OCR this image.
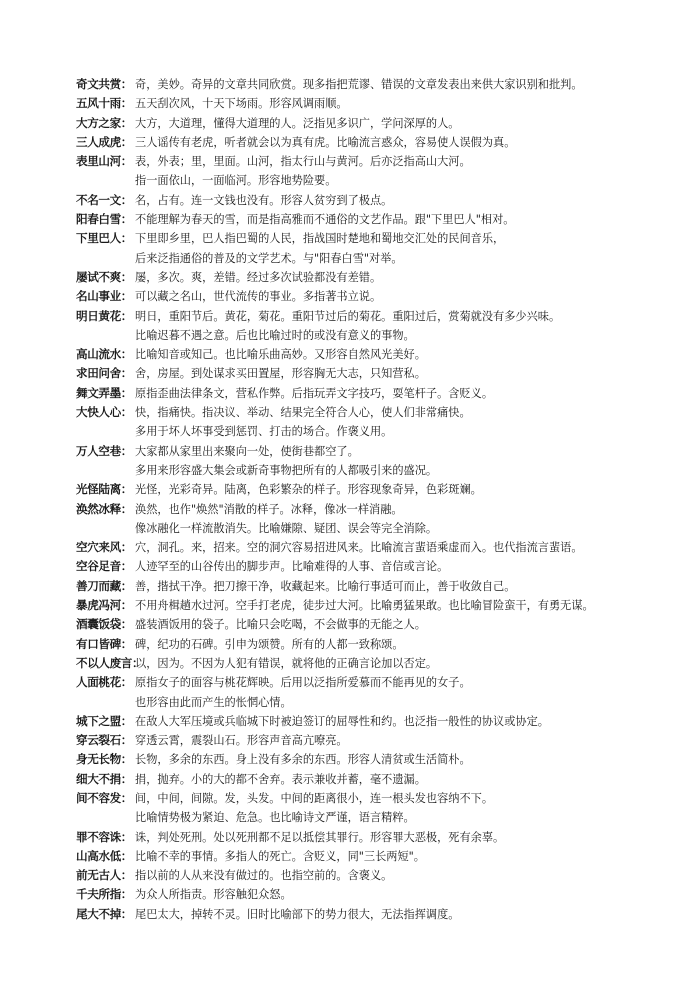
奇文共赏： 奇，美妙。奇异的文章共同欣赏。现多指把荒谬、错误的文章发表出来供大家识别和批判。
五风十雨： 五天刮次风，十天下场雨。形容风调雨顺。
大方之家： 大方，大道理，懂得大道理的人。泛指见多识广，学问深厚的人。
三人成虎： 三人谣传有老虎，听者就会以为真有虎。比喻流言惑众，容易使人误假为真。
表里山河： 表，外表；里，里面。山河，指太行山与黄河。后亦泛指高山大河。
指一面依山，一面临河。形容地势险要。
不名一文： 名，占有。连一文钱也没有。形容人贫穷到了极点。
阳春白雪： 不能理解为春天的雪，而是指高雅而不通俗的文艺作品。跟"下里巴人"相对。
下里巴人： 下里即乡里，巴人指巴蜀的人民，指战国时楚地和蜀地交汇处的民间音乐，
后来泛指通俗的普及的文学艺术。与"阳春白雪"对举。
屡试不爽： 屡，多次。爽，差错。经过多次试验都没有差错。
名山事业： 可以藏之名山，世代流传的事业。多指著书立说。
明日黄花： 明日，重阳节后。黄花，菊花。重阳节过后的菊花。重阳过后，赏菊就没有多少兴味。
比喻迟暮不遇之意。后也比喻过时的或没有意义的事物。
高山流水： 比喻知音或知己。也比喻乐曲高妙。又形容自然风光美好。
求田问舍： 舍，房屋。到处谋求买田置屋，形容胸无大志，只知营私。
舞文弄墨： 原指歪曲法律条文，营私作弊。后指玩弄文字技巧，耍笔杆子。含贬义。
大快人心： 快，指痛快。指决议、举动、结果完全符合人心，使人们非常痛快。
多用于坏人坏事受到惩罚、打击的场合。作褒义用。
万人空巷： 大家都从家里出来聚向一处，使街巷都空了。
多用来形容盛大集会或新奇事物把所有的人都吸引来的盛况。
光怪陆离： 光怪，光彩奇异。陆离，色彩繁杂的样子。形容现象奇异，色彩斑斓。
涣然冰释： 涣然，也作"焕然"消散的样子。冰释，像冰一样消融。
像冰融化一样流散消失。比喻嫌隙、疑团、误会等完全消除。
空穴来风： 穴，洞孔。来，招来。空的洞穴容易招进风来。比喻流言蜚语乘虚而入。也代指流言蜚语。
空谷足音： 人迹罕至的山谷传出的脚步声。比喻难得的人事、音信或言论。
善刀而藏： 善，揩拭干净。把刀擦干净，收藏起来。比喻行事适可而止，善于收敛自己。
暴虎冯河： 不用舟楫趟水过河。空手打老虎，徒步过大河。比喻勇猛果敢。也比喻冒险蛮干，有勇无谋。
酒囊饭袋： 盛装酒饭用的袋子。比喻只会吃喝，不会做事的无能之人。
有口皆碑： 碑，纪功的石碑。引申为颂赞。所有的人都一致称颂。
不以人废言：
以，因为。不因为人犯有错误，就将他的正确言论加以否定。
人面桃花： 原指女子的面容与桃花辉映。后用以泛指所爱慕而不能再见的女子。
也形容由此而产生的怅惘心情。
城下之盟： 在敌人大军压境或兵临城下时被迫签订的屈辱性和约。也泛指一般性的协议或协定。
穿云裂石： 穿透云霄，震裂山石。形容声音高亢嘹亮。
身无长物： 长物，多余的东西。身上没有多余的东西。形容人清贫或生活简朴。
细大不捐： 捐，抛弃。小的大的都不舍弃。表示兼收并蓄，毫不遗漏。
间不容发： 间，中间，间隙。发，头发。中间的距离很小，连一根头发也容纳不下。
比喻情势极为紧迫、危急。也比喻诗文严谨，语言精粹。
罪不容诛： 诛，判处死刑。处以死刑都不足以抵偿其罪行。形容罪大恶极，死有余辜。
山高水低： 比喻不幸的事情。多指人的死亡。含贬义，同"三长两短"。
前无古人： 指以前的人从来没有做过的。也指空前的。含褒义。
千夫所指： 为众人所指责。形容触犯众怒。
尾大不掉： 尾巴太大，掉转不灵。旧时比喻部下的势力很大，无法指挥调度。
